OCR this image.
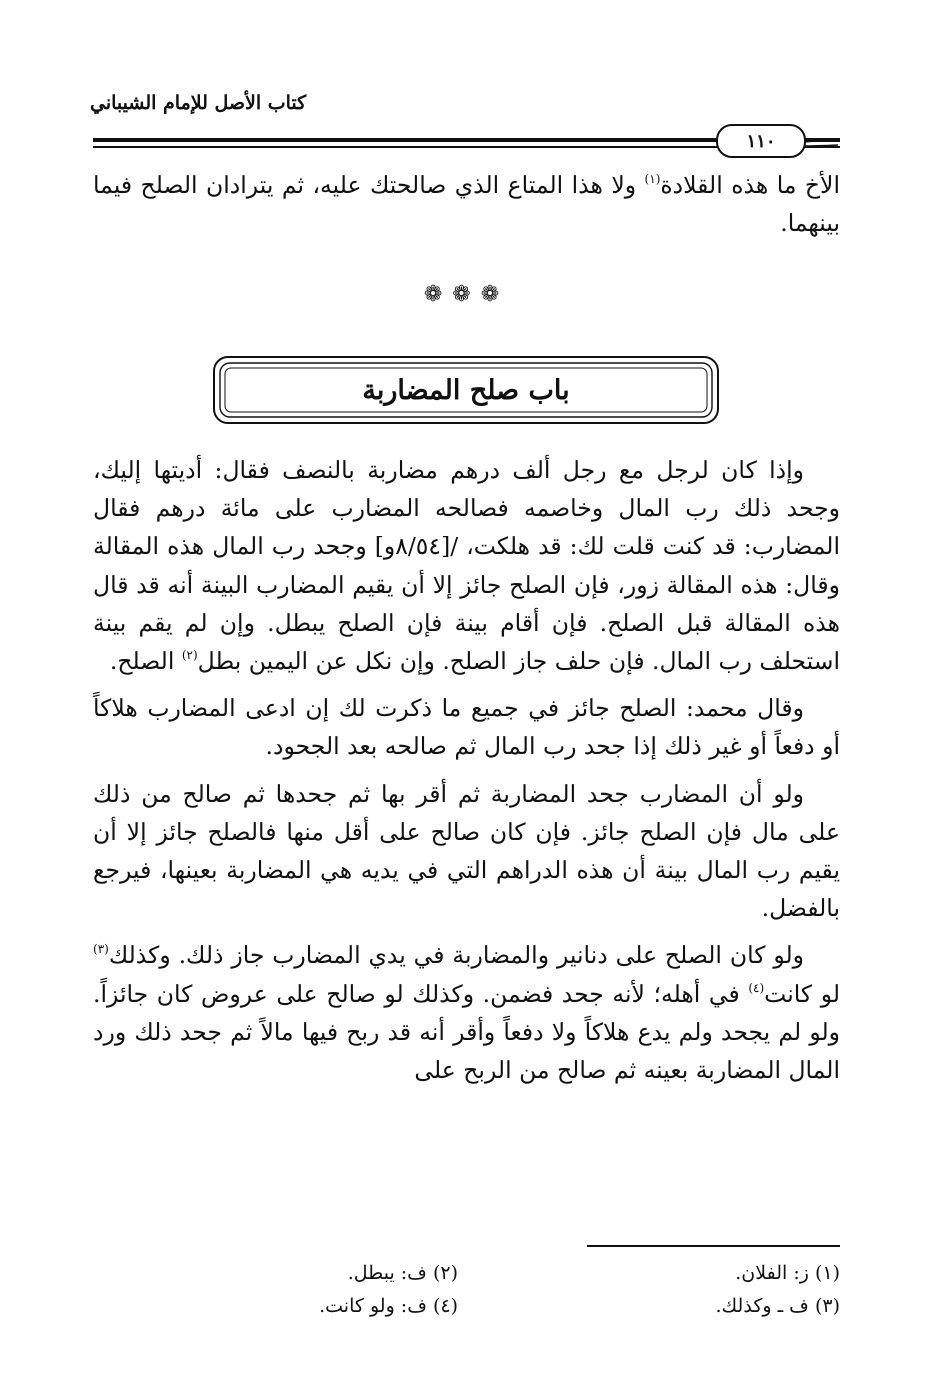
كتاب الأصل للإمام الشيباني
١١٠

الأخ ما هذه القلادة$^{(١)}$ ولا هذا المتاع الذي صالحتك عليه، ثم يترادان الصلح فيما بينهما.

❁❁❁
باب صلح المضاربة

وإذا كان لرجل مع رجل ألف درهم مضاربة بالنصف فقال: أديتها إليك، وجحد ذلك رب المال وخاصمه فصالحه المضارب على مائة درهم فقال المضارب: قد كنت قلت لك: قد هلكت، /[٨/٥٤و] وجحد رب المال هذه المقالة وقال: هذه المقالة زور، فإن الصلح جائز إلا أن يقيم المضارب البينة أنه قد قال هذه المقالة قبل الصلح. فإن أقام بينة فإن الصلح يبطل. وإن لم يقم بينة استحلف رب المال. فإن حلف جاز الصلح. وإن نكل عن اليمين بطل$^{(٢)}$ الصلح.

وقال محمد: الصلح جائز في جميع ما ذكرت لك إن ادعى المضارب هلاكاً أو دفعاً أو غير ذلك إذا جحد رب المال ثم صالحه بعد الجحود.

ولو أن المضارب جحد المضاربة ثم أقر بها ثم جحدها ثم صالح من ذلك على مال فإن الصلح جائز. فإن كان صالح على أقل منها فالصلح جائز إلا أن يقيم رب المال بينة أن هذه الدراهم التي في يديه هي المضاربة بعينها، فيرجع بالفضل.

ولو كان الصلح على دنانير والمضاربة في يدي المضارب جاز ذلك. وكذلك$^{(٣)}$ لو كانت$^{(٤)}$ في أهله؛ لأنه جحد فضمن. وكذلك لو صالح على عروض كان جائزاً. ولو لم يجحد ولم يدع هلاكاً ولا دفعاً وأقر أنه قد ربح فيها مالاً ثم جحد ذلك ورد المال المضاربة بعينه ثم صالح من الربح على

(١) ز: الفلان.
(٢) ف: يبطل.
(٣) ف ـ وكذلك.
(٤) ف: ولو كانت.
